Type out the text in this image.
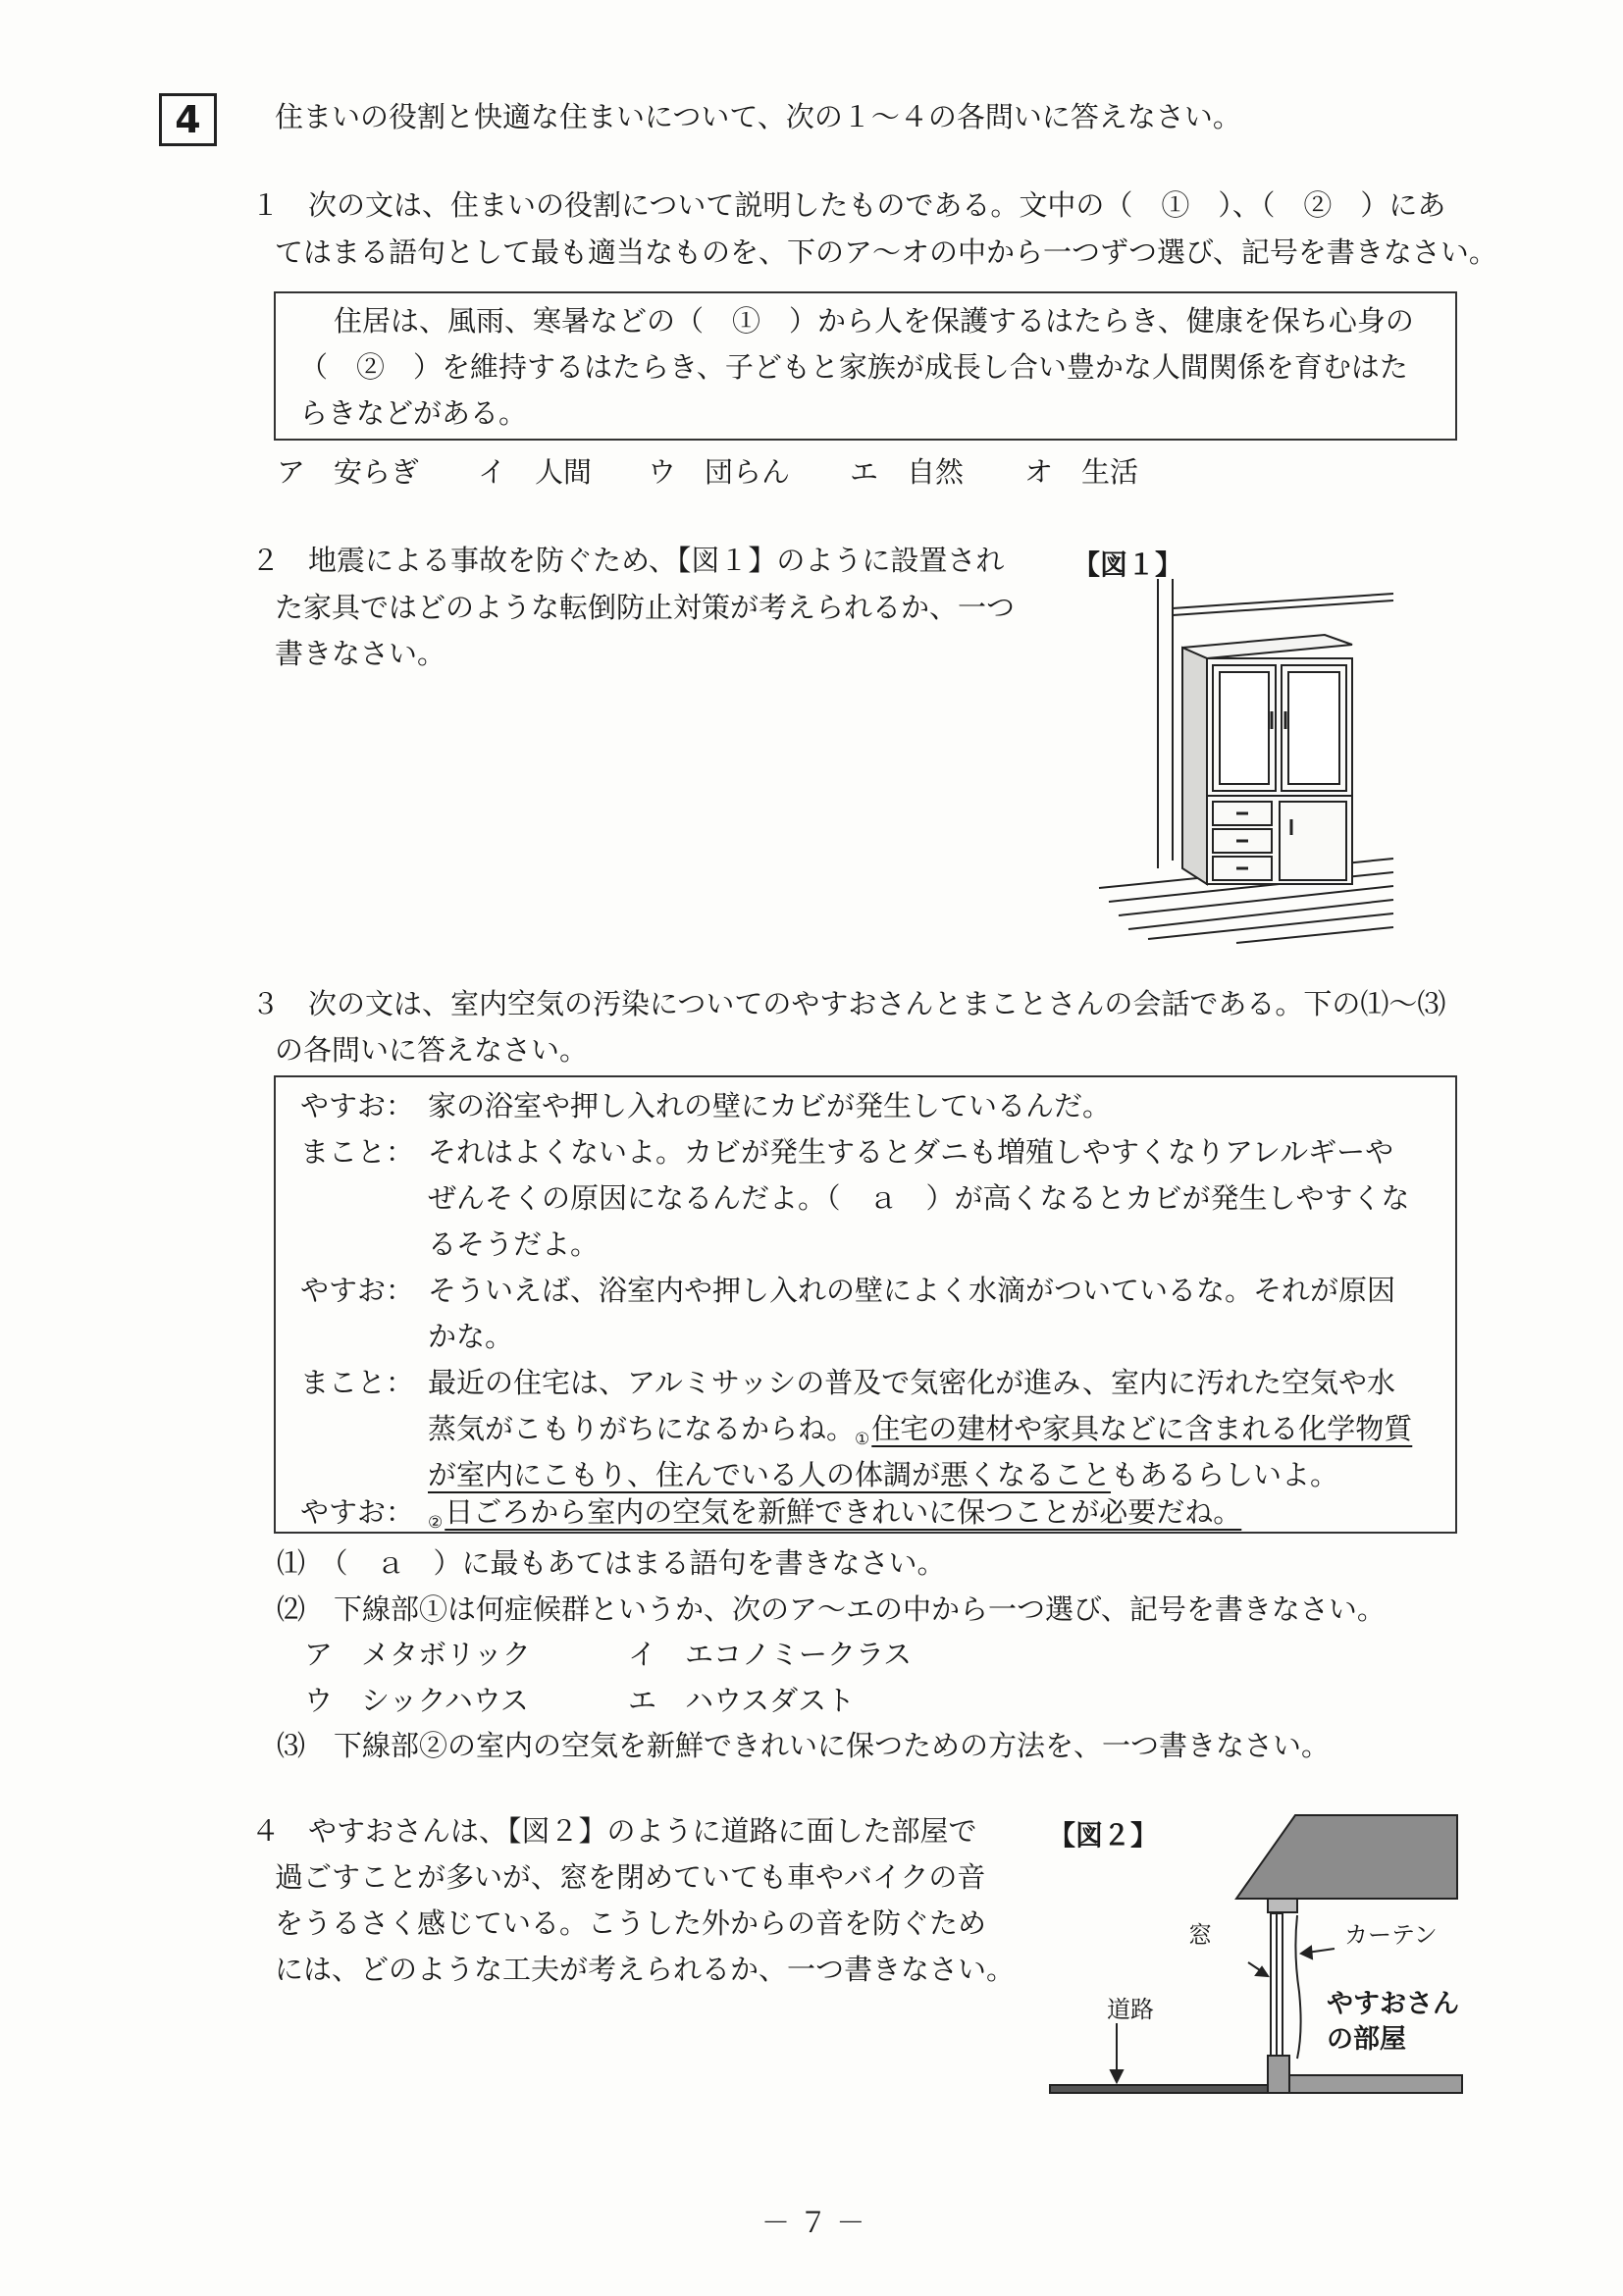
4	住まいの役割と快適な住まいについて、次の１～４の各問いに答えなさい。
１　次の文は、住まいの役割について説明したものである。文中の（　①　）、（　②　）にあ
てはまる語句として最も適当なものを、下のア～オの中から一つずつ選び、記号を書きなさい。
住居は、風雨、寒暑などの（　①　）から人を保護するはたらき、健康を保ち心身の
（　②　）を維持するはたらき、子どもと家族が成長し合い豊かな人間関係を育むはた
らきなどがある。
ア　 安らぎ イ　 人間 ウ　 団らん エ　 自然 オ　 生活
２　地震による事故を防ぐため、【図１】のように設置され
た家具ではどのような転倒防止対策が考えられるか、一つ
書きなさい。
【図１】
３　次の文は、室内空気の汚染についてのやすおさんとまことさんの会話である。下の⑴～⑶
の各問いに答えなさい。
やすお： 家の浴室や押し入れの壁にカビが発生しているんだ。
まこと： それはよくないよ。カビが発生するとダニも増殖しやすくなりアレルギーや
ぜんそくの原因になるんだよ。（　ａ　）が高くなるとカビが発生しやすくな
るそうだよ。
やすお： そういえば、浴室内や押し入れの壁によく水滴がついているな。それが原因
かな。
まこと： 最近の住宅は、アルミサッシの普及で気密化が進み、室内に汚れた空気や水
蒸気がこもりがちになるからね。$_①$住宅の建材や家具などに含まれる化学物質
が室内にこもり、住んでいる人の体調が悪くなることもあるらしいよ。
やすお： $_②$日ごろから室内の空気を新鮮できれいに保つことが必要だね。
⑴　（　ａ　）に最もあてはまる語句を書きなさい。
⑵　下線部①は何症候群というか、次のア～エの中から一つ選び、記号を書きなさい。
ア　 メタボリック	イ　 エコノミークラス
ウ　 シックハウス	エ　 ハウスダスト
⑶　下線部②の室内の空気を新鮮できれいに保つための方法を、一つ書きなさい。
４　やすおさんは、【図２】のように道路に面した部屋で
過ごすことが多いが、窓を閉めていても車やバイクの音
をうるさく感じている。こうした外からの音を防ぐため
には、どのような工夫が考えられるか、一つ書きなさい。
【図２】
窓	カーテン
道路	やすおさん
の部屋
－ ７ －
